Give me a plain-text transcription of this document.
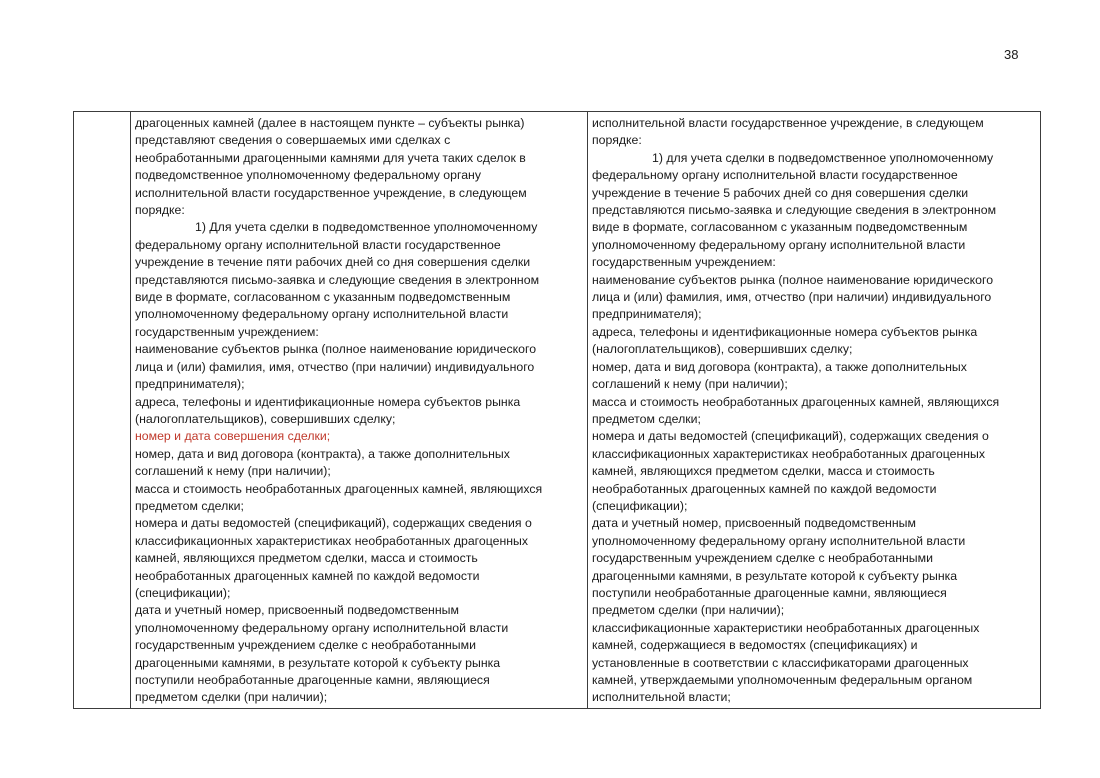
38

драгоценных камней (далее в настоящем пункте – субъекты рынка)
представляют сведения о совершаемых ими сделках с
необработанными драгоценными камнями для учета таких сделок в
подведомственное уполномоченному федеральному органу
исполнительной власти государственное учреждение, в следующем
порядке:
1) Для учета сделки в подведомственное уполномоченному
федеральному органу исполнительной власти государственное
учреждение в течение пяти рабочих дней со дня совершения сделки
представляются письмо-заявка и следующие сведения в электронном
виде в формате, согласованном с указанным подведомственным
уполномоченному федеральному органу исполнительной власти
государственным учреждением:
наименование субъектов рынка (полное наименование юридического
лица и (или) фамилия, имя, отчество (при наличии) индивидуального
предпринимателя);
адреса, телефоны и идентификационные номера субъектов рынка
(налогоплательщиков), совершивших сделку;
номер и дата совершения сделки;
номер, дата и вид договора (контракта), а также дополнительных
соглашений к нему (при наличии);
масса и стоимость необработанных драгоценных камней, являющихся
предметом сделки;
номера и даты ведомостей (спецификаций), содержащих сведения о
классификационных характеристиках необработанных драгоценных
камней, являющихся предметом сделки, масса и стоимость
необработанных драгоценных камней по каждой ведомости
(спецификации);
дата и учетный номер, присвоенный подведомственным
уполномоченному федеральному органу исполнительной власти
государственным учреждением сделке с необработанными
драгоценными камнями, в результате которой к субъекту рынка
поступили необработанные драгоценные камни, являющиеся
предметом сделки (при наличии);

исполнительной власти государственное учреждение, в следующем
порядке:
1) для учета сделки в подведомственное уполномоченному
федеральному органу исполнительной власти государственное
учреждение в течение 5 рабочих дней со дня совершения сделки
представляются письмо-заявка и следующие сведения в электронном
виде в формате, согласованном с указанным подведомственным
уполномоченному федеральному органу исполнительной власти
государственным учреждением:
наименование субъектов рынка (полное наименование юридического
лица и (или) фамилия, имя, отчество (при наличии) индивидуального
предпринимателя);
адреса, телефоны и идентификационные номера субъектов рынка
(налогоплательщиков), совершивших сделку;
номер, дата и вид договора (контракта), а также дополнительных
соглашений к нему (при наличии);
масса и стоимость необработанных драгоценных камней, являющихся
предметом сделки;
номера и даты ведомостей (спецификаций), содержащих сведения о
классификационных характеристиках необработанных драгоценных
камней, являющихся предметом сделки, масса и стоимость
необработанных драгоценных камней по каждой ведомости
(спецификации);
дата и учетный номер, присвоенный подведомственным
уполномоченному федеральному органу исполнительной власти
государственным учреждением сделке с необработанными
драгоценными камнями, в результате которой к субъекту рынка
поступили необработанные драгоценные камни, являющиеся
предметом сделки (при наличии);
классификационные характеристики необработанных драгоценных
камней, содержащиеся в ведомостях (спецификациях) и
установленные в соответствии с классификаторами драгоценных
камней, утверждаемыми уполномоченным федеральным органом
исполнительной власти;
